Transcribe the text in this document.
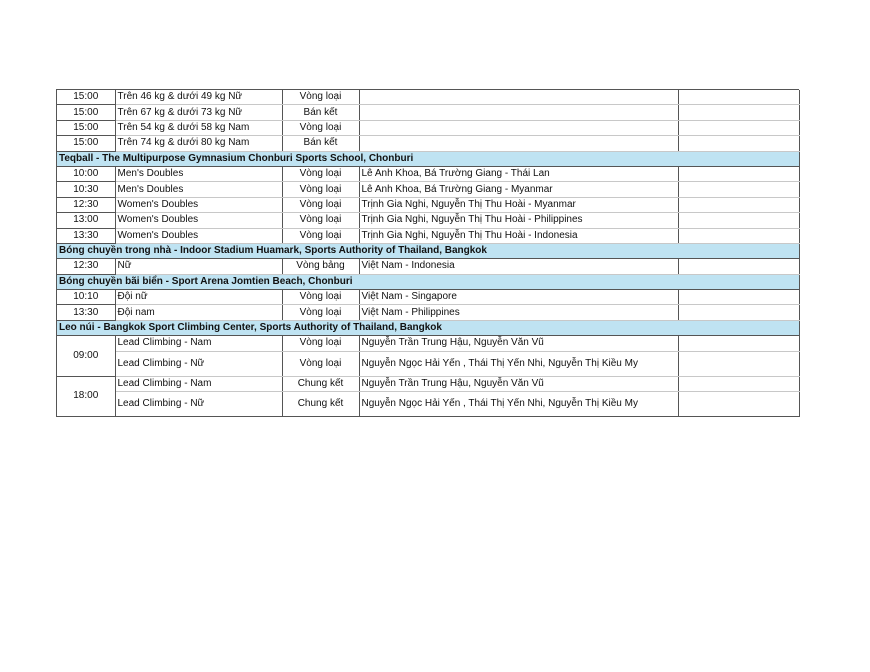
15:00	Trên 46 kg & dưới 49 kg Nữ	Vòng loại		
15:00	Trên 67 kg & dưới 73 kg Nữ	Bán kết		
15:00	Trên 54 kg & dưới 58 kg Nam	Vòng loại		
15:00	Trên 74 kg & dưới 80 kg Nam	Bán kết		
Teqball - The Multipurpose Gymnasium Chonburi Sports School, Chonburi				
10:00	Men's Doubles	Vòng loại	Lê Anh Khoa, Bá Trường Giang - Thái Lan	
10:30	Men's Doubles	Vòng loại	Lê Anh Khoa, Bá Trường Giang - Myanmar	
12:30	Women's Doubles	Vòng loại	Trịnh Gia Nghi, Nguyễn Thị Thu Hoài - Myanmar	
13:00	Women's Doubles	Vòng loại	Trịnh Gia Nghi, Nguyễn Thị Thu Hoài - Philippines	
13:30	Women's Doubles	Vòng loại	Trịnh Gia Nghi, Nguyễn Thị Thu Hoài - Indonesia	
Bóng chuyền trong nhà - Indoor Stadium Huamark, Sports Authority of Thailand, Bangkok				
12:30	Nữ	Vòng bảng	Việt Nam - Indonesia	
Bóng chuyền bãi biển - Sport Arena Jomtien Beach, Chonburi				
10:10	Đội nữ	Vòng loại	Việt Nam - Singapore	
13:30	Đội nam	Vòng loại	Việt Nam - Philippines	
Leo núi - Bangkok Sport Climbing Center, Sports Authority of Thailand, Bangkok				
09:00	Lead Climbing - Nam	Vòng loại	Nguyễn Trần Trung Hậu, Nguyễn Văn Vũ	
	Lead Climbing - Nữ	Vòng loại	Nguyễn Ngọc Hải Yến , Thái Thị Yến Nhi, Nguyễn Thị Kiều My	
18:00	Lead Climbing - Nam	Chung kết	Nguyễn Trần Trung Hậu, Nguyễn Văn Vũ	
	Lead Climbing - Nữ	Chung kết	Nguyễn Ngọc Hải Yến , Thái Thị Yến Nhi, Nguyễn Thị Kiều My	
